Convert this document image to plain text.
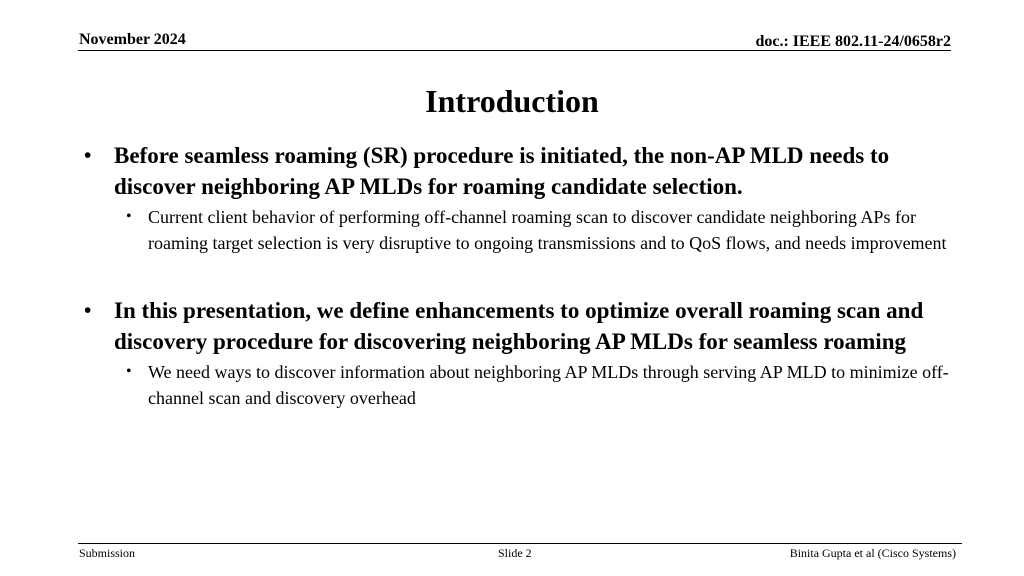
November 2024	doc.: IEEE 802.11-24/0658r2
Introduction
• Before seamless roaming (SR) procedure is initiated, the non-AP MLD needs to discover neighboring AP MLDs for roaming candidate selection.
• Current client behavior of performing off-channel roaming scan to discover candidate neighboring APs for roaming target selection is very disruptive to ongoing transmissions and to QoS flows, and needs improvement
• In this presentation, we define enhancements to optimize overall roaming scan and discovery procedure for discovering neighboring AP MLDs for seamless roaming
• We need ways to discover information about neighboring AP MLDs through serving AP MLD to minimize off-channel scan and discovery overhead
Submission	Slide 2	Binita Gupta et al (Cisco Systems)
